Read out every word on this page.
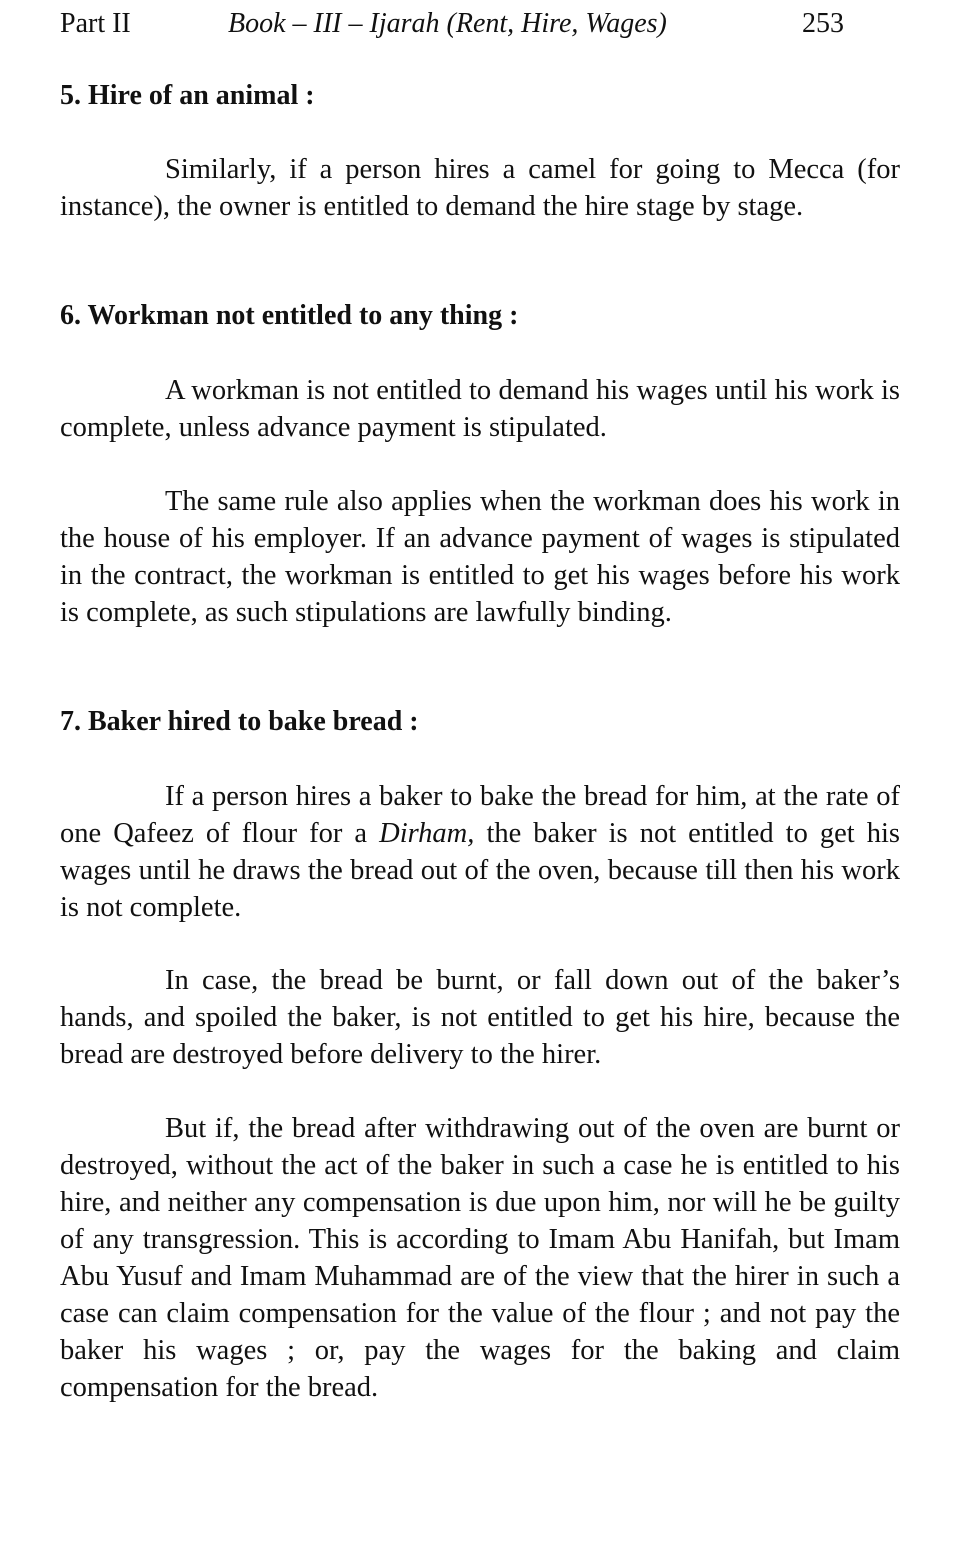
Part II	Book – III – Ijarah (Rent, Hire, Wages)	253
5. Hire of an animal :

Similarly, if a person hires a camel for going to Mecca (for instance), the owner is entitled to demand the hire stage by stage.

6. Workman not entitled to any thing :

A workman is not entitled to demand his wages until his work is complete, unless advance payment is stipulated.

The same rule also applies when the workman does his work in the house of his employer. If an advance payment of wages is stipulated in the contract, the workman is entitled to get his wages before his work is complete, as such stipulations are lawfully binding.

7. Baker hired to bake bread :

If a person hires a baker to bake the bread for him, at the rate of one Qafeez of flour for a Dirham, the baker is not entitled to get his wages until he draws the bread out of the oven, because till then his work is not complete.

In case, the bread be burnt, or fall down out of the baker’s hands, and spoiled the baker, is not entitled to get his hire, because the bread are destroyed before delivery to the hirer.

But if, the bread after withdrawing out of the oven are burnt or destroyed, without the act of the baker in such a case he is entitled to his hire, and neither any compensation is due upon him, nor will he be guilty of any transgression. This is according to Imam Abu Hanifah, but Imam Abu Yusuf and Imam Muhammad are of the view that the hirer in such a case can claim compensation for the value of the flour ; and not pay the baker his wages ; or, pay the wages for the baking and claim compensation for the bread.
